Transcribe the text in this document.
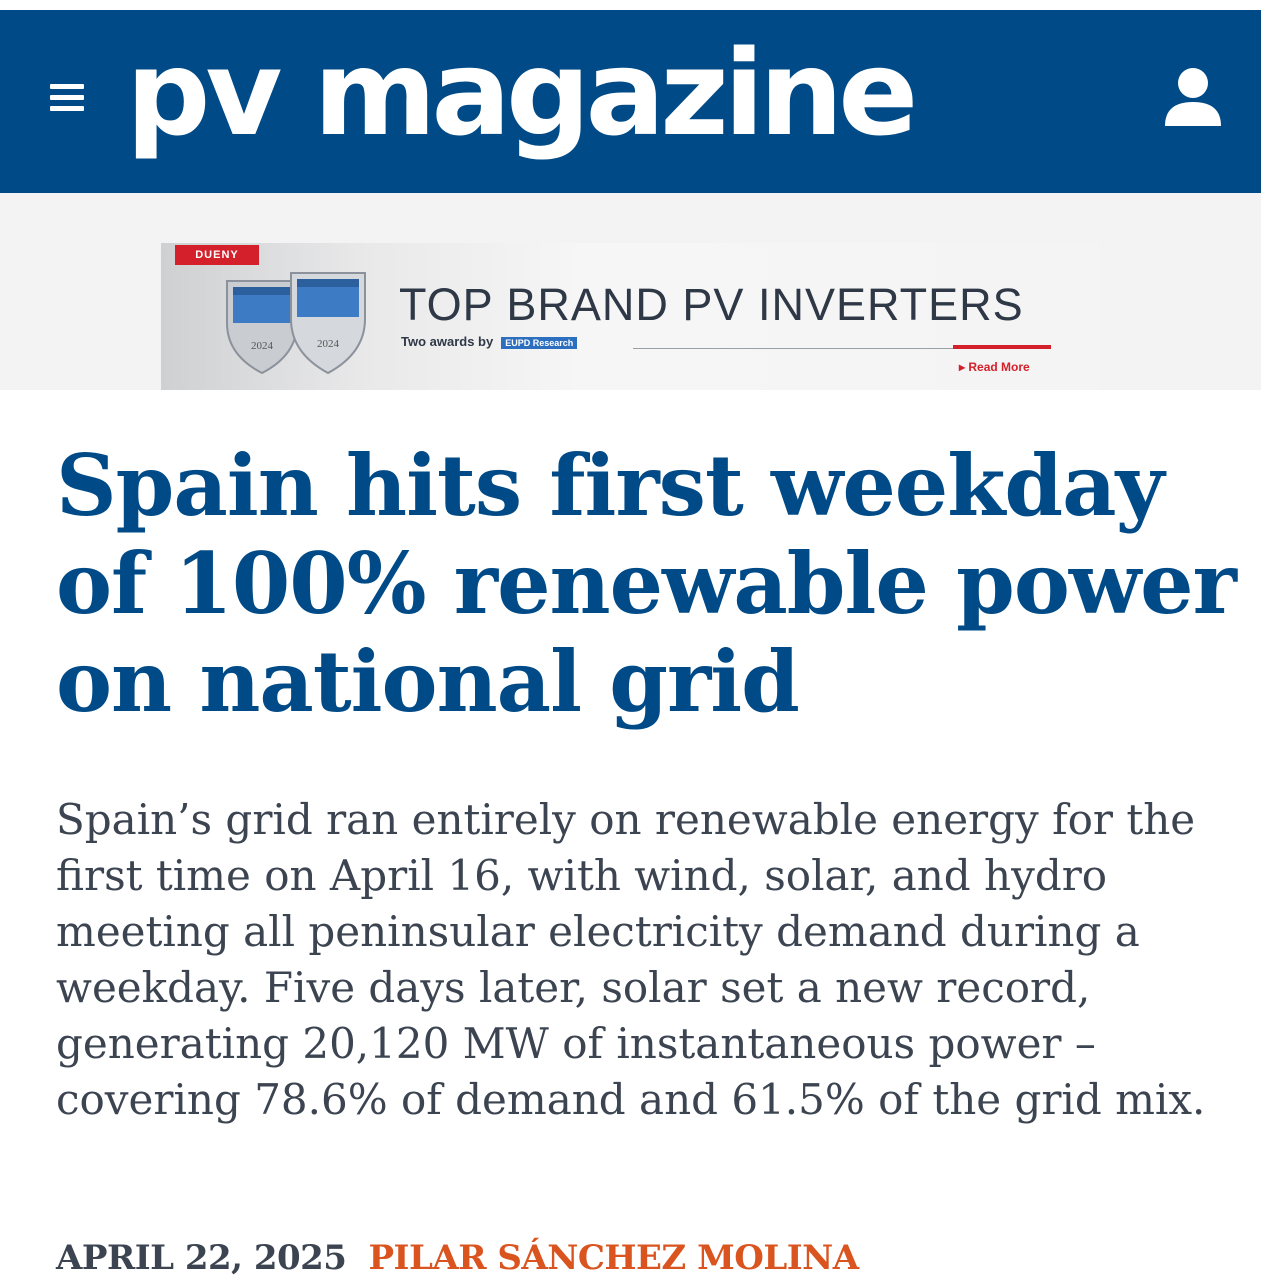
pv magazine
DUENY
2024	2024
TOP BRAND PV INVERTERS
Two awards by EUPD Research
▸ Read More
Spain hits first weekday of 100% renewable power on national grid

Spain’s grid ran entirely on renewable energy for the first time on April 16, with wind, solar, and hydro meeting all peninsular electricity demand during a weekday. Five days later, solar set a new record, generating 20,120 MW of instantaneous power – covering 78.6% of demand and 61.5% of the grid mix.

APRIL 22, 2025 PILAR SÁNCHEZ MOLINA
